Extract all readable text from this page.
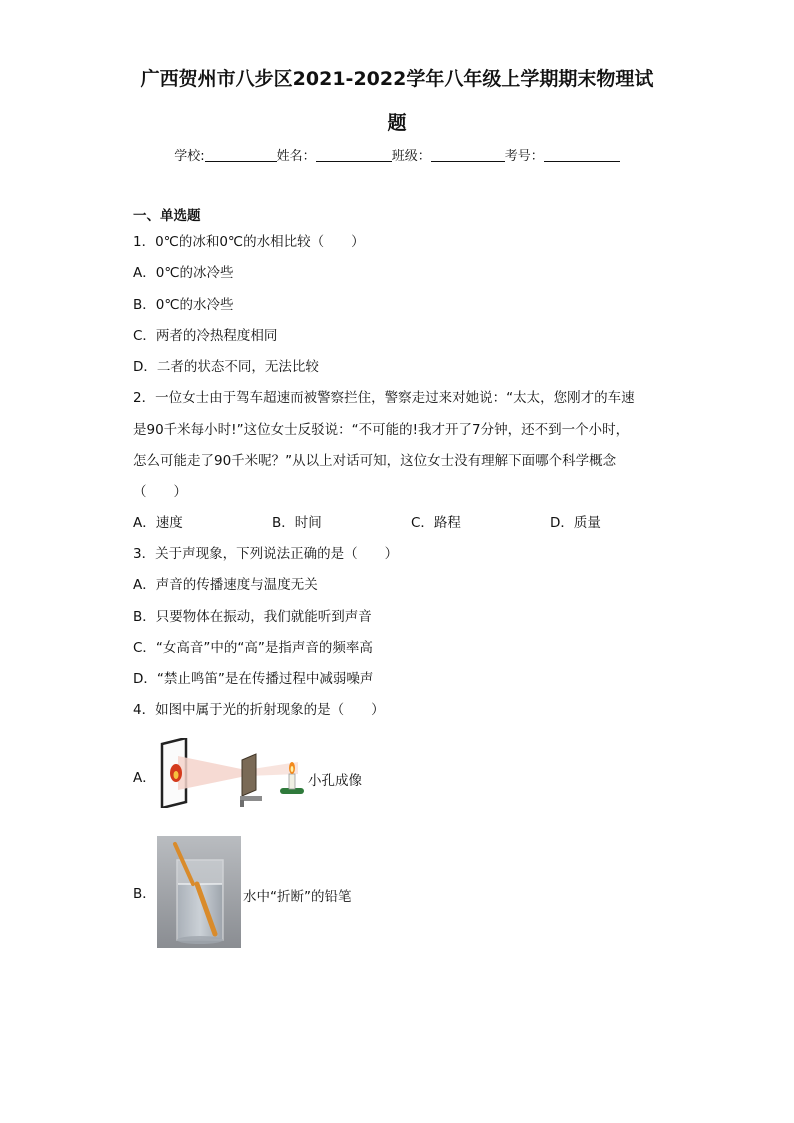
广西贺州市八步区2021-2022学年八年级上学期期末物理试
题
学校:	姓名：	班级：	考号：
一、单选题
1．0℃的冰和0℃的水相比较（　　）
A．0℃的冰冷些
B．0℃的水冷些
C．两者的冷热程度相同
D．二者的状态不同，无法比较
2．一位女士由于驾车超速而被警察拦住，警察走过来对她说：“太太，您刚才的车速
是90千米每小时!”这位女士反驳说：“不可能的!我才开了7分钟，还不到一个小时，
怎么可能走了90千米呢？”从以上对话可知，这位女士没有理解下面哪个科学概念
（　　）
A．速度	B．时间	C．路程	D．质量
3．关于声现象，下列说法正确的是（　　）
A．声音的传播速度与温度无关
B．只要物体在振动，我们就能听到声音
C．“女高音”中的“高”是指声音的频率高
D．“禁止鸣笛”是在传播过程中减弱噪声
4．如图中属于光的折射现象的是（　　）
A．	小孔成像
B．	水中“折断”的铅笔
